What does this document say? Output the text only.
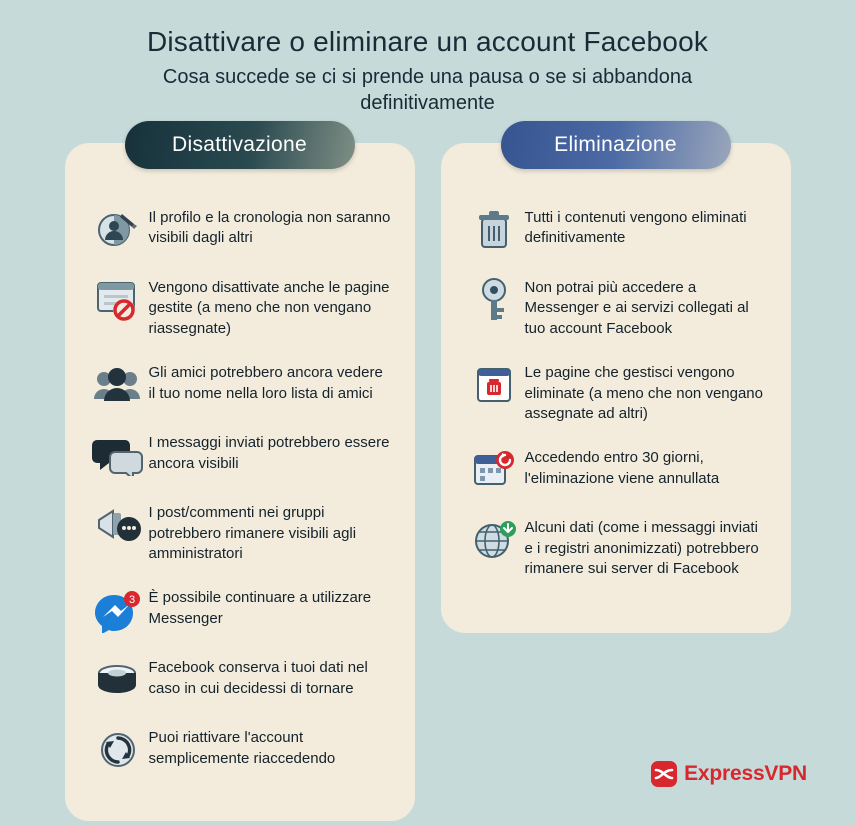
Disattivare o eliminare un account Facebook
Cosa succede se ci si prende una pausa o se si abbandona definitivamente
Disattivazione
Il profilo e la cronologia non saranno visibili dagli altri
Vengono disattivate anche le pagine gestite (a meno che non vengano riassegnate)
Gli amici potrebbero ancora vedere il tuo nome nella loro lista di amici
I messaggi inviati potrebbero essere ancora visibili
I post/commenti nei gruppi potrebbero rimanere visibili agli amministratori
3 È possibile continuare a utilizzare Messenger
Facebook conserva i tuoi dati nel caso in cui decidessi di tornare
Puoi riattivare l'account semplicemente riaccedendo
Eliminazione
Tutti i contenuti vengono eliminati definitivamente
Non potrai più accedere a Messenger e ai servizi collegati al tuo account Facebook
Le pagine che gestisci vengono eliminate (a meno che non vengano assegnate ad altri)
Accedendo entro 30 giorni, l'eliminazione viene annullata
Alcuni dati (come i messaggi inviati e i registri anonimizzati) potrebbero rimanere sui server di Facebook
ExpressVPN
